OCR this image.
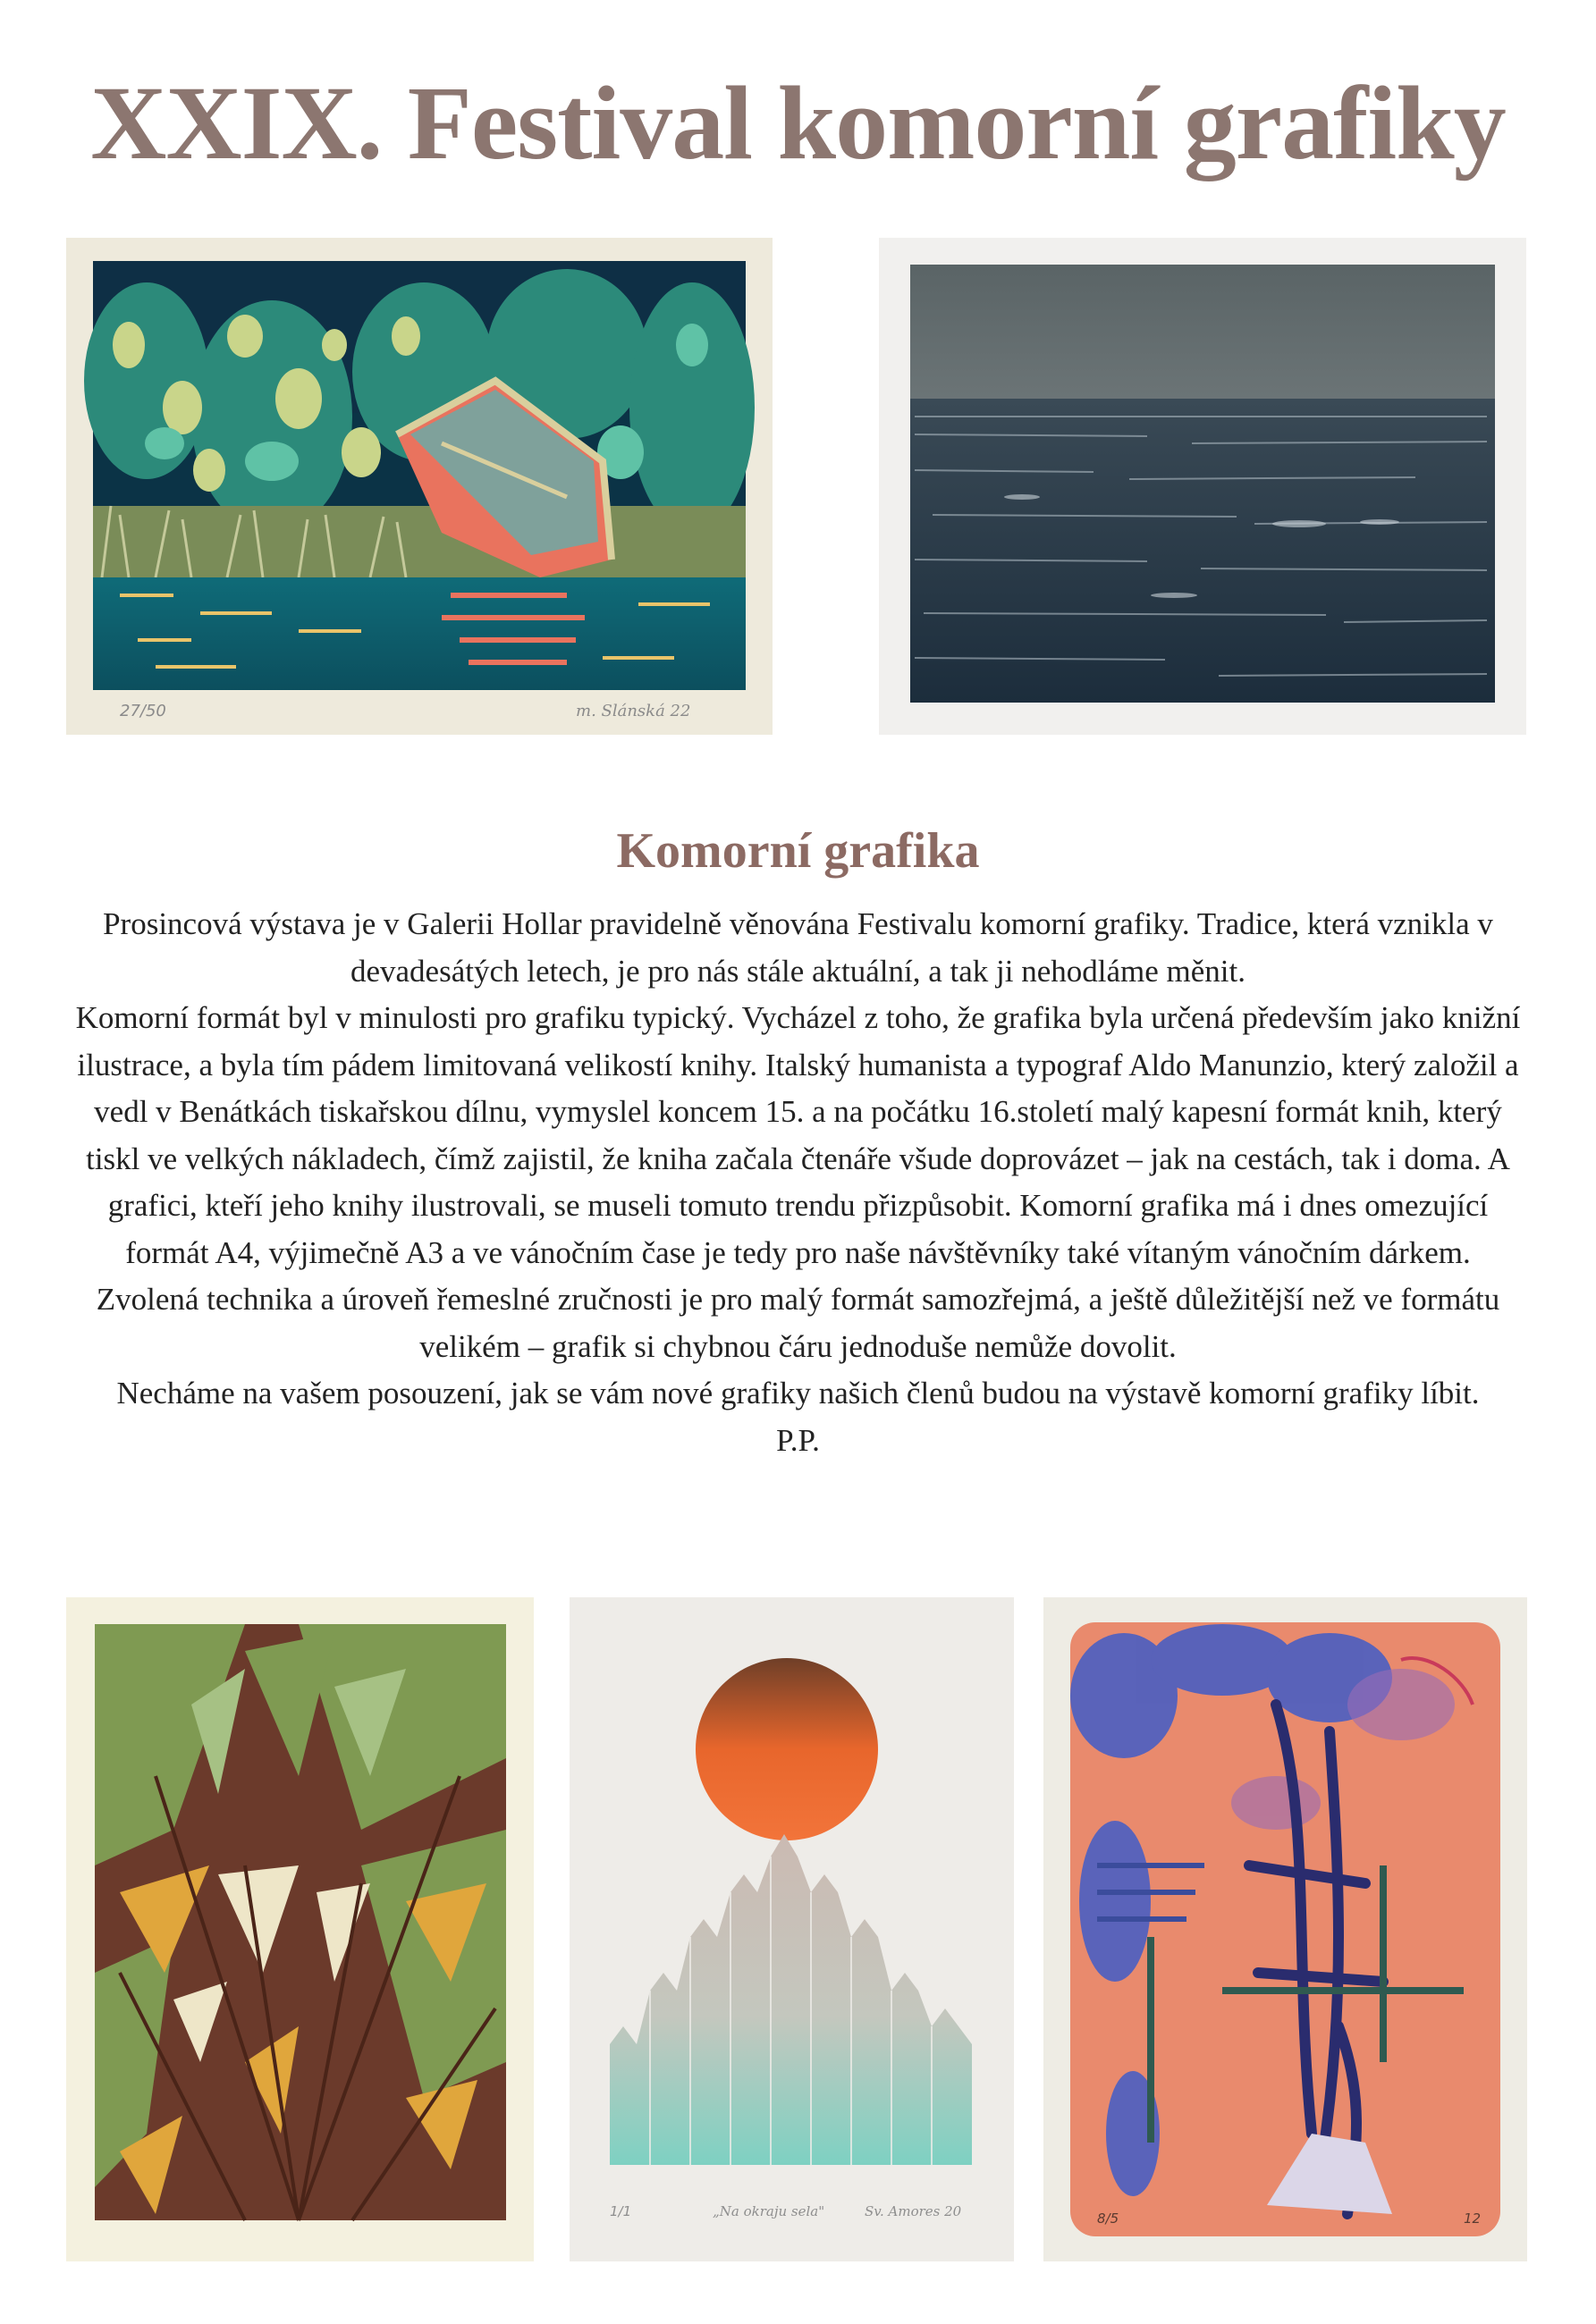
XXIX. Festival komorní grafiky
27/50	m. Slánská 22
Komorní grafika

Prosincová výstava je v Galerii Hollar pravidelně věnována Festivalu komorní grafiky. Tradice, která vznikla v devadesátých letech, je pro nás stále aktuální, a tak ji nehodláme měnit.

Komorní formát byl v minulosti pro grafiku typický. Vycházel z toho, že grafika byla určená především jako knižní ilustrace, a byla tím pádem limitovaná velikostí knihy. Italský humanista a typograf Aldo Manunzio, který založil a vedl v Benátkách tiskařskou dílnu, vymyslel koncem 15. a na počátku 16.století malý kapesní formát knih, který tiskl ve velkých nákladech, čímž zajistil, že kniha začala čtenáře všude doprovázet – jak na cestách, tak i doma. A grafici, kteří jeho knihy ilustrovali, se museli tomuto trendu přizpůsobit. Komorní grafika má i dnes omezující formát A4, výjimečně A3 a ve vánočním čase je tedy pro naše návštěvníky také vítaným vánočním dárkem.

Zvolená technika a úroveň řemeslné zručnosti je pro malý formát samozřejmá, a ještě důležitější než ve formátu velikém – grafik si chybnou čáru jednoduše nemůže dovolit.

Necháme na vašem posouzení, jak se vám nové grafiky našich členů budou na výstavě komorní grafiky líbit.

P.P.

1/1	„Na okraju sela"	Sv. Amores 20	8/5	12
